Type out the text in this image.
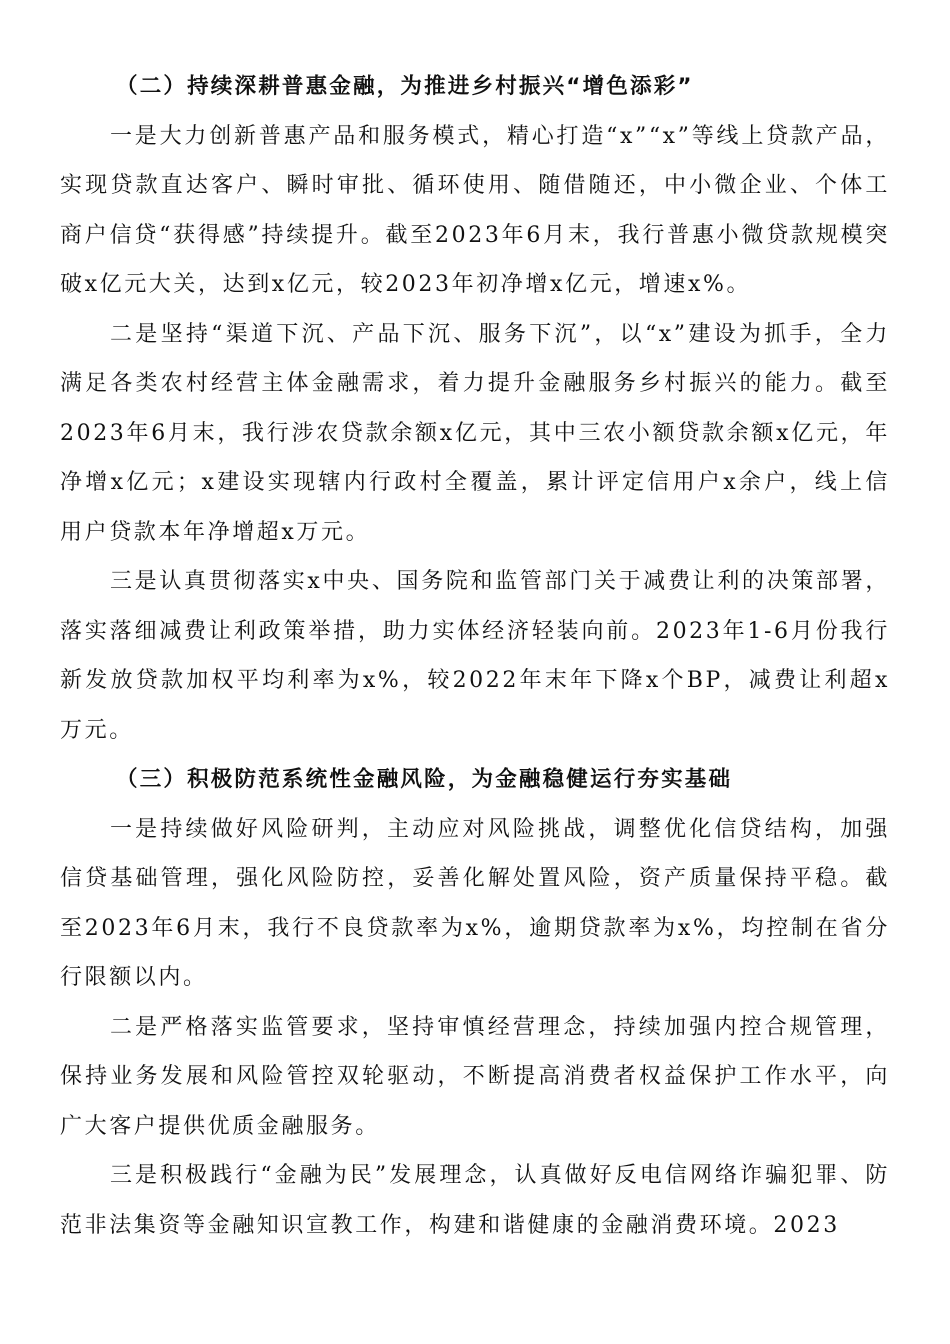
（二）持续深耕普惠金融，为推进乡村振兴“增色添彩”

一是大力创新普惠产品和服务模式，精心打造“x”“x”等线上贷款产品，实现贷款直达客户、瞬时审批、循环使用、随借随还，中小微企业、个体工商户信贷“获得感”持续提升。截至2023年6月末，我行普惠小微贷款规模突破x亿元大关，达到x亿元，较2023年初净增x亿元，增速x%。

二是坚持“渠道下沉、产品下沉、服务下沉”，以“x”建设为抓手，全力满足各类农村经营主体金融需求，着力提升金融服务乡村振兴的能力。截至2023年6月末，我行涉农贷款余额x亿元，其中三农小额贷款余额x亿元，年净增x亿元；x建设实现辖内行政村全覆盖，累计评定信用户x余户，线上信用户贷款本年净增超x万元。

三是认真贯彻落实x中央、国务院和监管部门关于减费让利的决策部署，落实落细减费让利政策举措，助力实体经济轻装向前。2023年1-6月份我行新发放贷款加权平均利率为x%，较2022年末年下降x个BP，减费让利超x万元。

（三）积极防范系统性金融风险，为金融稳健运行夯实基础

一是持续做好风险研判，主动应对风险挑战，调整优化信贷结构，加强信贷基础管理，强化风险防控，妥善化解处置风险，资产质量保持平稳。截至2023年6月末，我行不良贷款率为x%，逾期贷款率为x%，均控制在省分行限额以内。

二是严格落实监管要求，坚持审慎经营理念，持续加强内控合规管理，保持业务发展和风险管控双轮驱动，不断提高消费者权益保护工作水平，向广大客户提供优质金融服务。

三是积极践行“金融为民”发展理念，认真做好反电信网络诈骗犯罪、防范非法集资等金融知识宣教工作，构建和谐健康的金融消费环境。2023
